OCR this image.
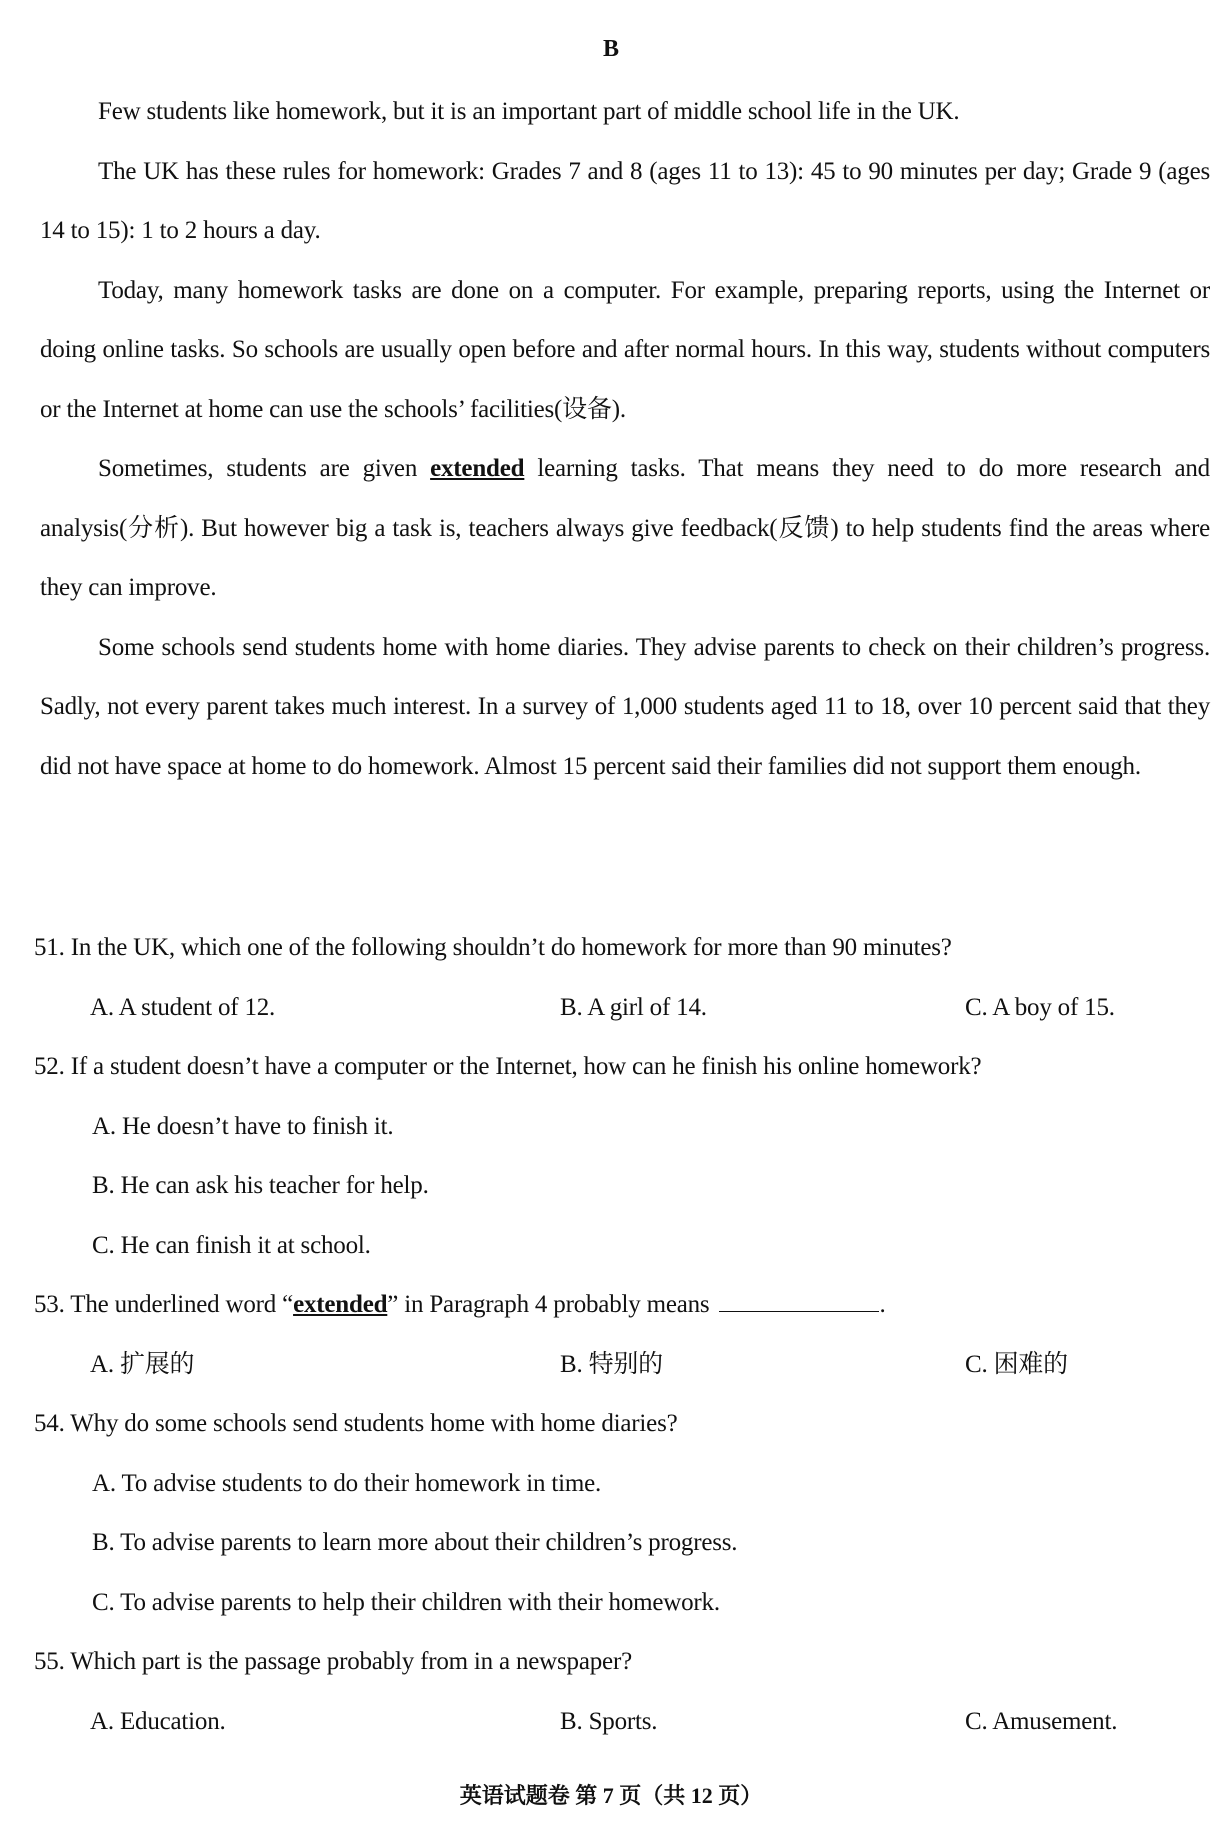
B

Few students like homework, but it is an important part of middle school life in the UK.

The UK has these rules for homework: Grades 7 and 8 (ages 11 to 13): 45 to 90 minutes per day; Grade 9 (ages 14 to 15): 1 to 2 hours a day.

Today, many homework tasks are done on a computer. For example, preparing reports, using the Internet or doing online tasks. So schools are usually open before and after normal hours. In this way, students without computers or the Internet at home can use the schools’ facilities(设备).

Sometimes, students are given extended learning tasks. That means they need to do more research and analysis(分析). But however big a task is, teachers always give feedback(反馈) to help students find the areas where they can improve.

Some schools send students home with home diaries. They advise parents to check on their children’s progress. Sadly, not every parent takes much interest. In a survey of 1,000 students aged 11 to 18, over 10 percent said that they did not have space at home to do homework. Almost 15 percent said their families did not support them enough.

51. In the UK, which one of the following shouldn’t do homework for more than 90 minutes?

A. A student of 12.	B. A girl of 14.	C. A boy of 15.

52. If a student doesn’t have a computer or the Internet, how can he finish his online homework?

A. He doesn’t have to finish it.

B. He can ask his teacher for help.

C. He can finish it at school.

53. The underlined word “extended” in Paragraph 4 probably means	.

A. 扩展的	B. 特别的	C. 困难的

54. Why do some schools send students home with home diaries?

A. To advise students to do their homework in time.

B. To advise parents to learn more about their children’s progress.

C. To advise parents to help their children with their homework.

55. Which part is the passage probably from in a newspaper?

A. Education.	B. Sports.	C. Amusement.
英语试题卷 第 7 页（共 12 页）
